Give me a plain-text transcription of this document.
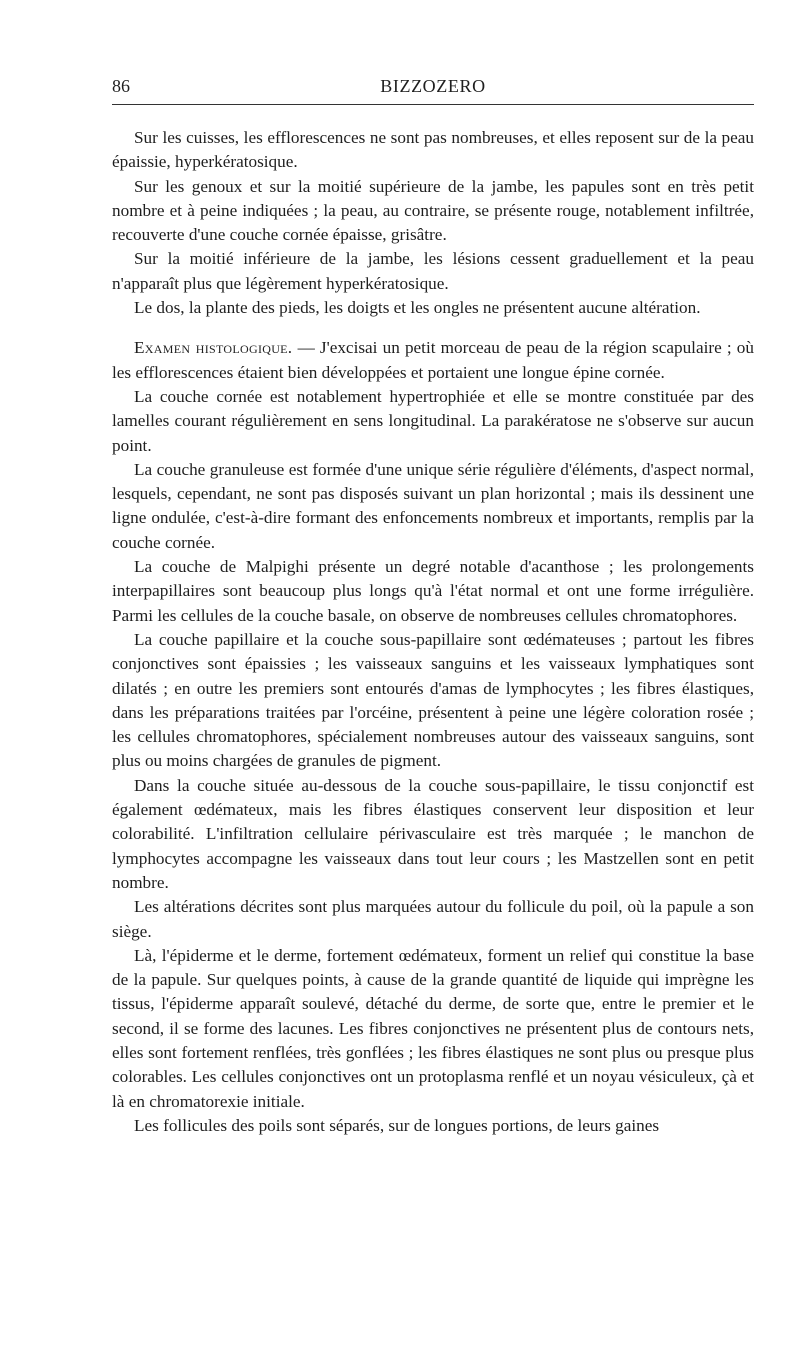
86	BIZZOZERO

Sur les cuisses, les efflorescences ne sont pas nombreuses, et elles reposent sur de la peau épaissie, hyperkératosique.

Sur les genoux et sur la moitié supérieure de la jambe, les papules sont en très petit nombre et à peine indiquées ; la peau, au contraire, se présente rouge, notablement infiltrée, recouverte d'une couche cornée épaisse, grisâtre.

Sur la moitié inférieure de la jambe, les lésions cessent graduellement et la peau n'apparaît plus que légèrement hyperkératosique.

Le dos, la plante des pieds, les doigts et les ongles ne présentent aucune altération.

Examen histologique. — J'excisai un petit morceau de peau de la région scapulaire ; où les efflorescences étaient bien développées et portaient une longue épine cornée.

La couche cornée est notablement hypertrophiée et elle se montre constituée par des lamelles courant régulièrement en sens longitudinal. La parakératose ne s'observe sur aucun point.

La couche granuleuse est formée d'une unique série régulière d'éléments, d'aspect normal, lesquels, cependant, ne sont pas disposés suivant un plan horizontal ; mais ils dessinent une ligne ondulée, c'est-à-dire formant des enfoncements nombreux et importants, remplis par la couche cornée.

La couche de Malpighi présente un degré notable d'acanthose ; les prolongements interpapillaires sont beaucoup plus longs qu'à l'état normal et ont une forme irrégulière. Parmi les cellules de la couche basale, on observe de nombreuses cellules chromatophores.

La couche papillaire et la couche sous-papillaire sont œdémateuses ; partout les fibres conjonctives sont épaissies ; les vaisseaux sanguins et les vaisseaux lymphatiques sont dilatés ; en outre les premiers sont entourés d'amas de lymphocytes ; les fibres élastiques, dans les préparations traitées par l'orcéine, présentent à peine une légère coloration rosée ; les cellules chromatophores, spécialement nombreuses autour des vaisseaux sanguins, sont plus ou moins chargées de granules de pigment.

Dans la couche située au-dessous de la couche sous-papillaire, le tissu conjonctif est également œdémateux, mais les fibres élastiques conservent leur disposition et leur colorabilité. L'infiltration cellulaire périvasculaire est très marquée ; le manchon de lymphocytes accompagne les vaisseaux dans tout leur cours ; les Mastzellen sont en petit nombre.

Les altérations décrites sont plus marquées autour du follicule du poil, où la papule a son siège.

Là, l'épiderme et le derme, fortement œdémateux, forment un relief qui constitue la base de la papule. Sur quelques points, à cause de la grande quantité de liquide qui imprègne les tissus, l'épiderme apparaît soulevé, détaché du derme, de sorte que, entre le premier et le second, il se forme des lacunes. Les fibres conjonctives ne présentent plus de contours nets, elles sont fortement renflées, très gonflées ; les fibres élastiques ne sont plus ou presque plus colorables. Les cellules conjonctives ont un protoplasma renflé et un noyau vésiculeux, çà et là en chromatorexie initiale.

Les follicules des poils sont séparés, sur de longues portions, de leurs gaines
